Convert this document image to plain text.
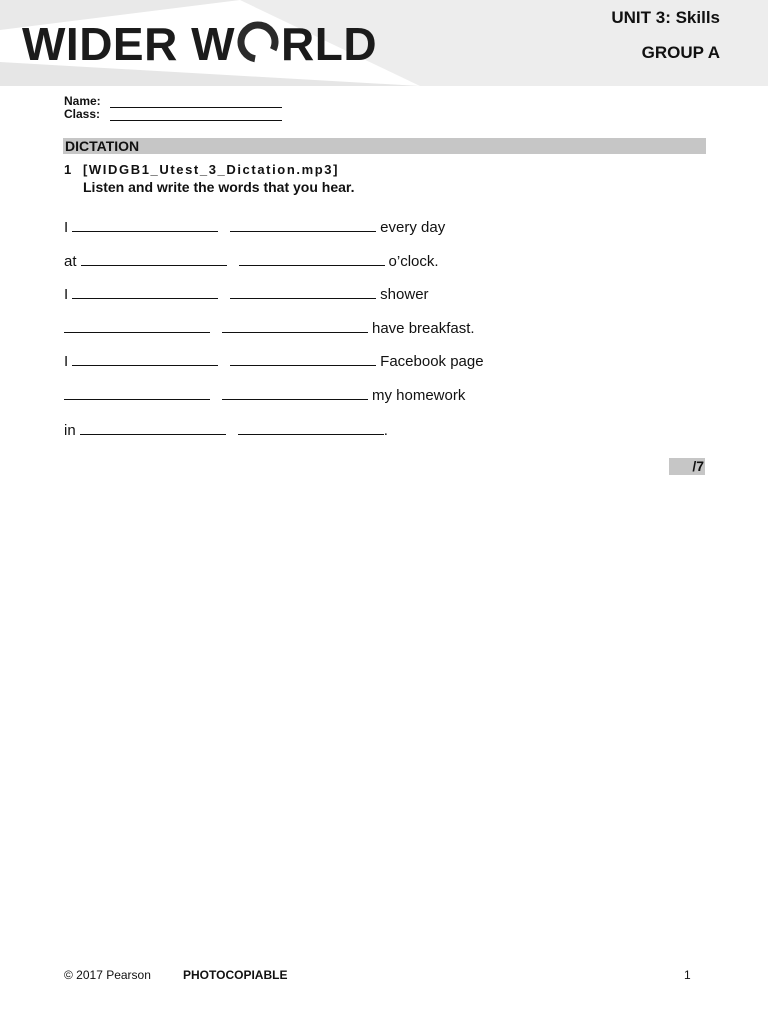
WIDER W RLD
UNIT 3: Skills
GROUP A
Name:
Class:
DICTATION
1 [WIDGB1_Utest_3_Dictation.mp3]
Listen and write the words that you hear.
I	every day
at	o’clock.
I	shower
have breakfast.
I	Facebook page
my homework
in	.
/7
© 2017 Pearson	PHOTOCOPIABLE	1
